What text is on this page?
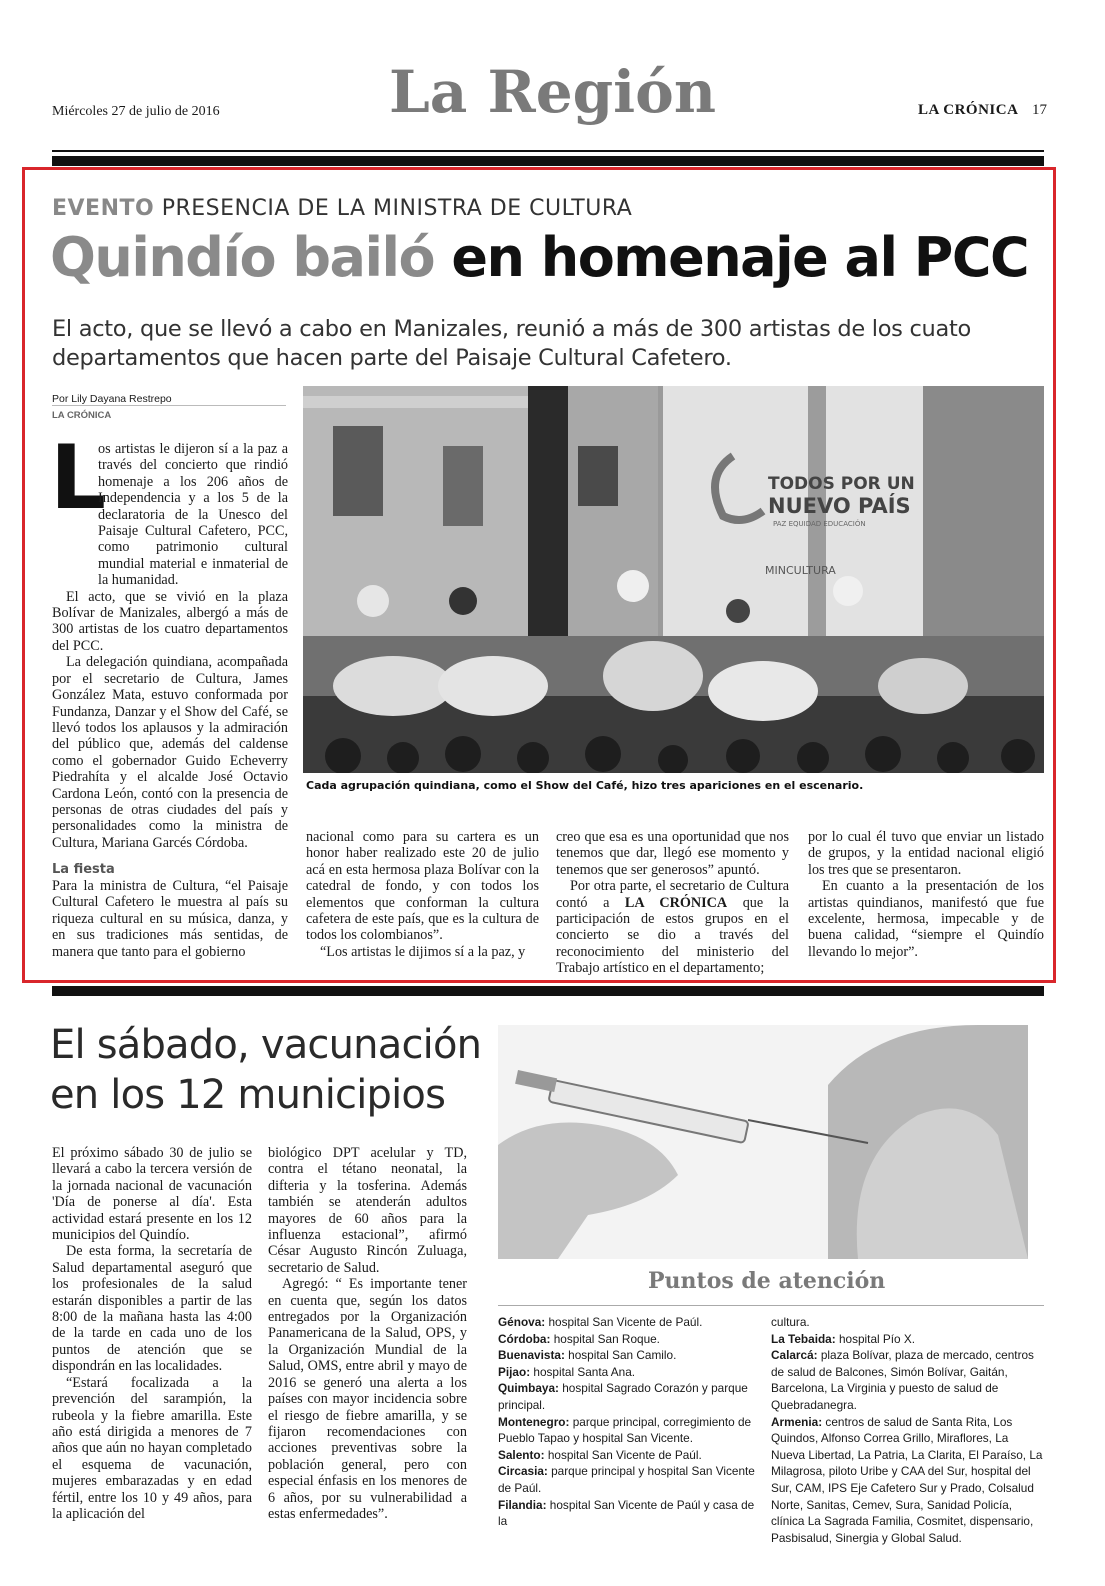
Miércoles 27 de julio de 2016	La Región	LA CRÓNICA 17
EVENTO PRESENCIA DE LA MINISTRA DE CULTURA
Quindío bailó en homenaje al PCC
El acto, que se llevó a cabo en Manizales, reunió a más de 300 artistas de los cuato departamentos que hacen parte del Paisaje Cultural Cafetero.
Por Lily Dayana Restrepo
LA CRÓNICA
L

os artistas le dijeron sí a la paz a través del concierto que rindió homenaje a los 206 años de Independencia y a los 5 de la declaratoria de la Unesco del Paisaje Cultural Cafetero, PCC, como patrimonio cultural mundial material e inmaterial de la humanidad.

El acto, que se vivió en la plaza Bolívar de Manizales, albergó a más de 300 artistas de los cuatro departamentos del PCC.

La delegación quindiana, acompañada por el secretario de Cultura, James González Mata, estuvo conformada por Fundanza, Danzar y el Show del Café, se llevó todos los aplausos y la admiración del público que, además del caldense como el gobernador Guido Echeverry Piedrahíta y el alcalde José Octavio Cardona León, contó con la presencia de personas de otras ciudades del país y personalidades como la ministra de Cultura, Mariana Garcés Córdoba.

La fiesta

Para la ministra de Cultura, “el Paisaje Cultural Cafetero le muestra al país su riqueza cultural en su música, danza, y en sus tradiciones más sentidas, de manera que tanto para el gobierno

TODOS POR UN
NUEVO PAÍS
PAZ EQUIDAD EDUCACIÓN
MINCULTURA
Cada agrupación quindiana, como el Show del Café, hizo tres apariciones en el escenario.

nacional como para su cartera es un honor haber realizado este 20 de julio acá en esta hermosa plaza Bolívar con la catedral de fondo, y con todos los elementos que conforman la cultura cafetera de este país, que es la cultura de todos los colombianos”.

“Los artistas le dijimos sí a la paz, y

creo que esa es una oportunidad que nos tenemos que dar, llegó ese momento y tenemos que ser generosos” apuntó.

Por otra parte, el secretario de Cultura contó a LA CRÓNICA que la participación de estos grupos en el concierto se dio a través del reconocimiento del ministerio del Trabajo artístico en el departamento;

por lo cual él tuvo que enviar un listado de grupos, y la entidad nacional eligió los tres que se presentaron.

En cuanto a la presentación de los artistas quindianos, manifestó que fue excelente, hermosa, impecable y de buena calidad, “siempre el Quindío llevando lo mejor”.

El sábado, vacunación
en los 12 municipios

El próximo sábado 30 de julio se llevará a cabo la tercera versión de la jornada nacional de vacunación 'Día de ponerse al día'. Esta actividad estará presente en los 12 municipios del Quindío.

De esta forma, la secretaría de Salud departamental aseguró que los profesionales de la salud estarán disponibles a partir de las 8:00 de la mañana hasta las 4:00 de la tarde en cada uno de los puntos de atención que se dispondrán en las localidades.

“Estará focalizada a la prevención del sarampión, la rubeola y la fiebre amarilla. Este año está dirigida a menores de 7 años que aún no hayan completado el esquema de vacunación, mujeres embarazadas y en edad fértil, entre los 10 y 49 años, para la aplicación del

biológico DPT acelular y TD, contra el tétano neonatal, la difteria y la tosferina. Además también se atenderán adultos mayores de 60 años para la influenza estacional”, afirmó César Augusto Rincón Zuluaga, secretario de Salud.

Agregó: “ Es importante tener en cuenta que, según los datos entregados por la Organización Panamericana de la Salud, OPS, y la Organización Mundial de la Salud, OMS, entre abril y mayo de 2016 se generó una alerta a los países con mayor incidencia sobre el riesgo de fiebre amarilla, y se fijaron recomendaciones con acciones preventivas sobre la población general, pero con especial énfasis en los menores de 6 años, por su vulnerabilidad a estas enfermedades”.

Puntos de atención
Génova: hospital San Vicente de Paúl.
Córdoba: hospital San Roque.
Buenavista: hospital San Camilo.
Pijao: hospital Santa Ana.
Quimbaya: hospital Sagrado Corazón y parque principal.
Montenegro: parque principal, corregimiento de Pueblo Tapao y hospital San Vicente.
Salento: hospital San Vicente de Paúl.
Circasia: parque principal y hospital San Vicente de Paúl.
Filandia: hospital San Vicente de Paúl y casa de la
cultura.
La Tebaida: hospital Pío X.
Calarcá: plaza Bolívar, plaza de mercado, centros de salud de Balcones, Simón Bolívar, Gaitán, Barcelona, La Virginia y puesto de salud de Quebradanegra.
Armenia: centros de salud de Santa Rita, Los Quindos, Alfonso Correa Grillo, Miraflores, La Nueva Libertad, La Patria, La Clarita, El Paraíso, La Milagrosa, piloto Uribe y CAA del Sur, hospital del Sur, CAM, IPS Eje Cafetero Sur y Prado, Colsalud Norte, Sanitas, Cemev, Sura, Sanidad Policía, clínica La Sagrada Familia, Cosmitet, dispensario, Pasbisalud, Sinergia y Global Salud.
